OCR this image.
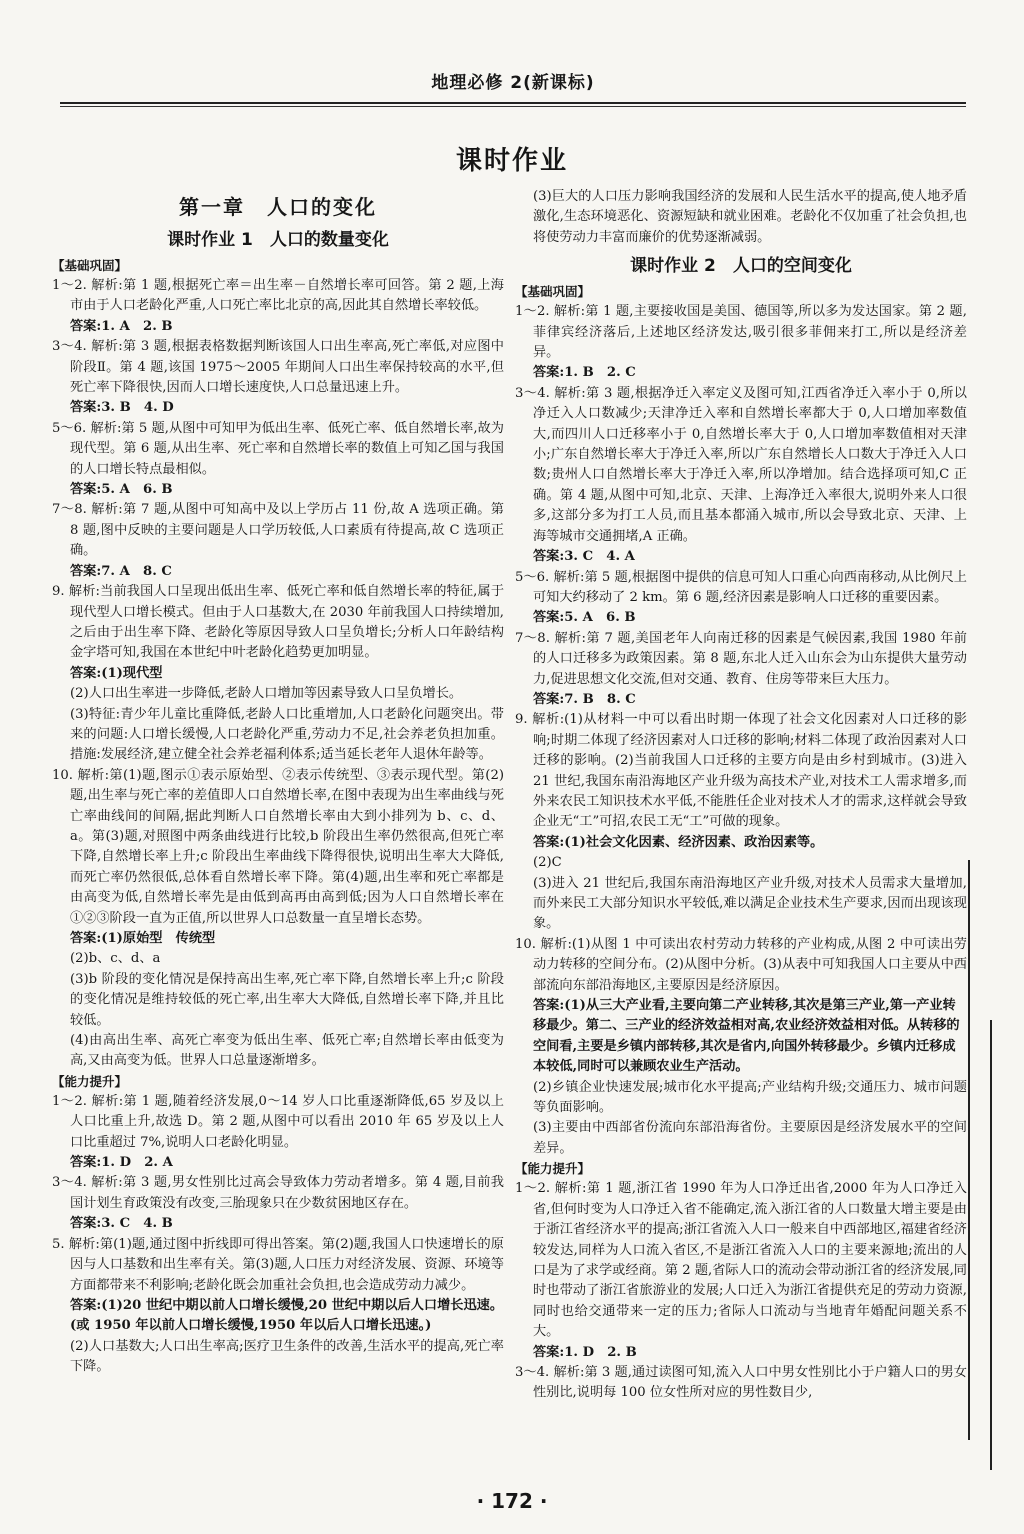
地理必修 2(新课标)
课时作业
第一章　人口的变化
课时作业 1　人口的数量变化
【基础巩固】
1～2. 解析:第 1 题,根据死亡率＝出生率－自然增长率可回答。第 2 题,上海市由于人口老龄化严重,人口死亡率比北京的高,因此其自然增长率较低。
答案:1. A　2. B
3～4. 解析:第 3 题,根据表格数据判断该国人口出生率高,死亡率低,对应图中阶段Ⅱ。第 4 题,该国 1975～2005 年期间人口出生率保持较高的水平,但死亡率下降很快,因而人口增长速度快,人口总量迅速上升。
答案:3. B　4. D
5～6. 解析:第 5 题,从图中可知甲为低出生率、低死亡率、低自然增长率,故为现代型。第 6 题,从出生率、死亡率和自然增长率的数值上可知乙国与我国的人口增长特点最相似。
答案:5. A　6. B
7～8. 解析:第 7 题,从图中可知高中及以上学历占 11 份,故 A 选项正确。第 8 题,图中反映的主要问题是人口学历较低,人口素质有待提高,故 C 选项正确。
答案:7. A　8. C
9. 解析:当前我国人口呈现出低出生率、低死亡率和低自然增长率的特征,属于现代型人口增长模式。但由于人口基数大,在 2030 年前我国人口持续增加,之后由于出生率下降、老龄化等原因导致人口呈负增长;分析人口年龄结构金字塔可知,我国在本世纪中叶老龄化趋势更加明显。
答案:(1)现代型
(2)人口出生率进一步降低,老龄人口增加等因素导致人口呈负增长。
(3)特征:青少年儿童比重降低,老龄人口比重增加,人口老龄化问题突出。带来的问题:人口增长缓慢,人口老龄化严重,劳动力不足,社会养老负担加重。措施:发展经济,建立健全社会养老福利体系;适当延长老年人退休年龄等。
10. 解析:第(1)题,图示①表示原始型、②表示传统型、③表示现代型。第(2)题,出生率与死亡率的差值即人口自然增长率,在图中表现为出生率曲线与死亡率曲线间的间隔,据此判断人口自然增长率由大到小排列为 b、c、d、a。第(3)题,对照图中两条曲线进行比较,b 阶段出生率仍然很高,但死亡率下降,自然增长率上升;c 阶段出生率曲线下降得很快,说明出生率大大降低,而死亡率仍然很低,总体看自然增长率下降。第(4)题,出生率和死亡率都是由高变为低,自然增长率先是由低到高再由高到低;因为人口自然增长率在①②③阶段一直为正值,所以世界人口总数量一直呈增长态势。
答案:(1)原始型　传统型
(2)b、c、d、a
(3)b 阶段的变化情况是保持高出生率,死亡率下降,自然增长率上升;c 阶段的变化情况是维持较低的死亡率,出生率大大降低,自然增长率下降,并且比较低。
(4)由高出生率、高死亡率变为低出生率、低死亡率;自然增长率由低变为高,又由高变为低。世界人口总量逐渐增多。
【能力提升】
1～2. 解析:第 1 题,随着经济发展,0～14 岁人口比重逐渐降低,65 岁及以上人口比重上升,故选 D。第 2 题,从图中可以看出 2010 年 65 岁及以上人口比重超过 7%,说明人口老龄化明显。
答案:1. D　2. A
3～4. 解析:第 3 题,男女性别比过高会导致体力劳动者增多。第 4 题,目前我国计划生育政策没有改变,三胎现象只在少数贫困地区存在。
答案:3. C　4. B
5. 解析:第(1)题,通过图中折线即可得出答案。第(2)题,我国人口快速增长的原因与人口基数和出生率有关。第(3)题,人口压力对经济发展、资源、环境等方面都带来不利影响;老龄化既会加重社会负担,也会造成劳动力减少。
答案:(1)20 世纪中期以前人口增长缓慢,20 世纪中期以后人口增长迅速。(或 1950 年以前人口增长缓慢,1950 年以后人口增长迅速。)
(2)人口基数大;人口出生率高;医疗卫生条件的改善,生活水平的提高,死亡率下降。
(3)巨大的人口压力影响我国经济的发展和人民生活水平的提高,使人地矛盾激化,生态环境恶化、资源短缺和就业困难。老龄化不仅加重了社会负担,也将使劳动力丰富而廉价的优势逐渐减弱。
课时作业 2　人口的空间变化
【基础巩固】
1～2. 解析:第 1 题,主要接收国是美国、德国等,所以多为发达国家。第 2 题,菲律宾经济落后,上述地区经济发达,吸引很多菲佣来打工,所以是经济差异。
答案:1. B　2. C
3～4. 解析:第 3 题,根据净迁入率定义及图可知,江西省净迁入率小于 0,所以净迁入人口数减少;天津净迁入率和自然增长率都大于 0,人口增加率数值大,而四川人口迁移率小于 0,自然增长率大于 0,人口增加率数值相对天津小;广东自然增长率大于净迁入率,所以广东自然增长人口数大于净迁入人口数;贵州人口自然增长率大于净迁入率,所以净增加。结合选择项可知,C 正确。第 4 题,从图中可知,北京、天津、上海净迁入率很大,说明外来人口很多,这部分多为打工人员,而且基本都涌入城市,所以会导致北京、天津、上海等城市交通拥堵,A 正确。
答案:3. C　4. A
5～6. 解析:第 5 题,根据图中提供的信息可知人口重心向西南移动,从比例尺上可知大约移动了 2 km。第 6 题,经济因素是影响人口迁移的重要因素。
答案:5. A　6. B
7～8. 解析:第 7 题,美国老年人向南迁移的因素是气候因素,我国 1980 年前的人口迁移多为政策因素。第 8 题,东北人迁入山东会为山东提供大量劳动力,促进思想文化交流,但对交通、教育、住房等带来巨大压力。
答案:7. B　8. C
9. 解析:(1)从材料一中可以看出时期一体现了社会文化因素对人口迁移的影响;时期二体现了经济因素对人口迁移的影响;材料二体现了政治因素对人口迁移的影响。(2)当前我国人口迁移的主要方向是由乡村到城市。(3)进入 21 世纪,我国东南沿海地区产业升级为高技术产业,对技术工人需求增多,而外来农民工知识技术水平低,不能胜任企业对技术人才的需求,这样就会导致企业无“工”可招,农民工无“工”可做的现象。
答案:(1)社会文化因素、经济因素、政治因素等。
(2)C
(3)进入 21 世纪后,我国东南沿海地区产业升级,对技术人员需求大量增加,而外来民工大部分知识水平较低,难以满足企业技术生产要求,因而出现该现象。
10. 解析:(1)从图 1 中可读出农村劳动力转移的产业构成,从图 2 中可读出劳动力转移的空间分布。(2)从图中分析。(3)从表中可知我国人口主要从中西部流向东部沿海地区,主要原因是经济原因。
答案:(1)从三大产业看,主要向第二产业转移,其次是第三产业,第一产业转移最少。第二、三产业的经济效益相对高,农业经济效益相对低。从转移的空间看,主要是乡镇内部转移,其次是省内,向国外转移最少。乡镇内迁移成本较低,同时可以兼顾农业生产活动。
(2)乡镇企业快速发展;城市化水平提高;产业结构升级;交通压力、城市问题等负面影响。
(3)主要由中西部省份流向东部沿海省份。主要原因是经济发展水平的空间差异。
【能力提升】
1～2. 解析:第 1 题,浙江省 1990 年为人口净迁出省,2000 年为人口净迁入省,但何时变为人口净迁入省不能确定,流入浙江省的人口数量大增主要是由于浙江省经济水平的提高;浙江省流入人口一般来自中西部地区,福建省经济较发达,同样为人口流入省区,不是浙江省流入人口的主要来源地;流出的人口是为了求学或经商。第 2 题,省际人口的流动会带动浙江省的经济发展,同时也带动了浙江省旅游业的发展;人口迁入为浙江省提供充足的劳动力资源,同时也给交通带来一定的压力;省际人口流动与当地青年婚配问题关系不大。
答案:1. D　2. B
3～4. 解析:第 3 题,通过读图可知,流入人口中男女性别比小于户籍人口的男女性别比,说明每 100 位女性所对应的男性数目少,
· 172 ·
